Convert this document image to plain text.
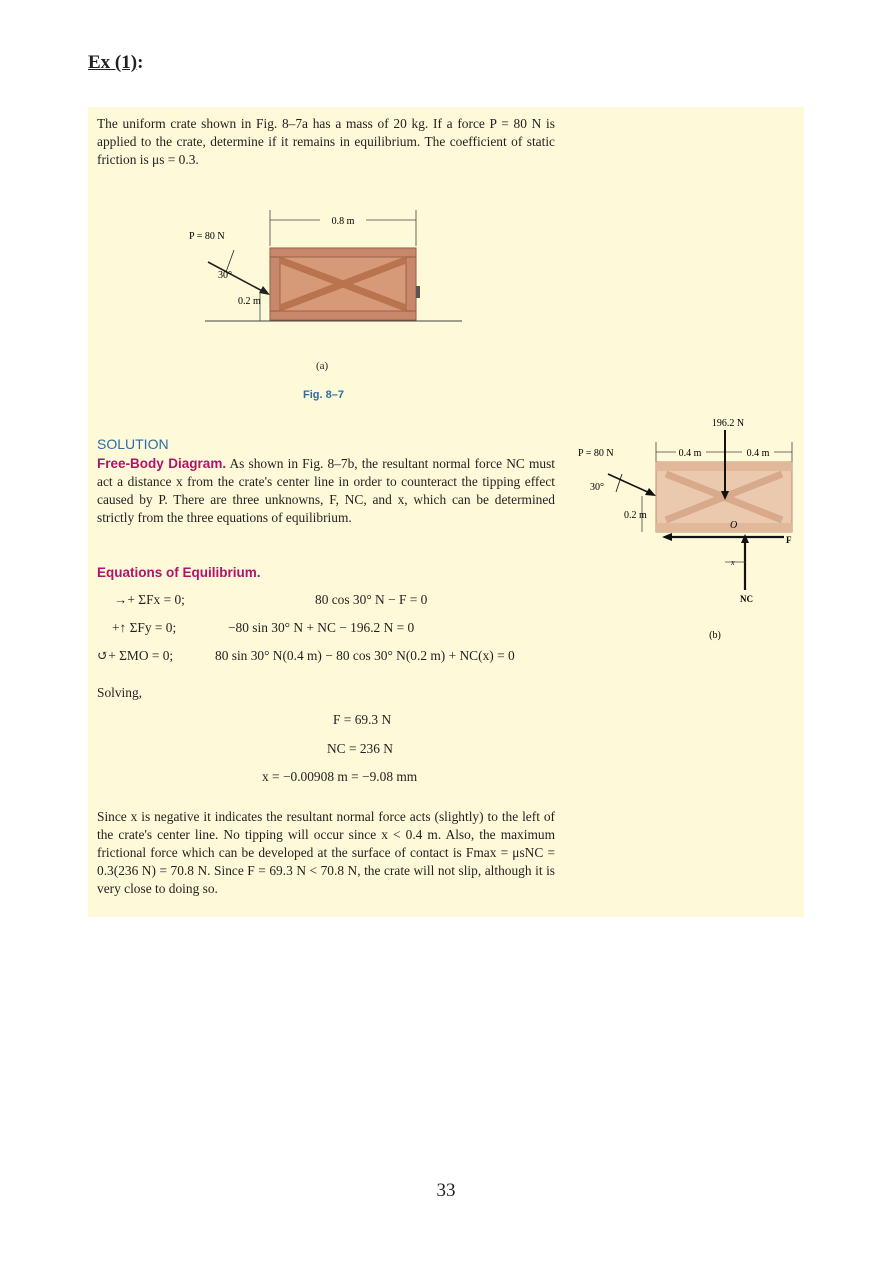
Ex (1):
The uniform crate shown in Fig. 8–7a has a mass of 20 kg. If a force P = 80 N is applied to the crate, determine if it remains in equilibrium. The coefficient of static friction is μs = 0.3.
0.8 m
P = 80 N
30°
0.2 m
(a)
Fig. 8–7
196.2 N
P = 80 N	0.4 m	0.4 m
30°
0.2 m
O
F
x
NC
(b)
SOLUTION
Free-Body Diagram. As shown in Fig. 8–7b, the resultant normal force NC must act a distance x from the crate's center line in order to counteract the tipping effect caused by P. There are three unknowns, F, NC, and x, which can be determined strictly from the three equations of equilibrium.
Equations of Equilibrium.
→+ ΣFx = 0;	80 cos 30° N − F = 0
+↑ ΣFy = 0;	−80 sin 30° N + NC − 196.2 N = 0
↺+ ΣMO = 0;	80 sin 30° N(0.4 m) − 80 cos 30° N(0.2 m) + NC(x) = 0
Solving,
F = 69.3 N
NC = 236 N
x = −0.00908 m = −9.08 mm
Since x is negative it indicates the resultant normal force acts (slightly) to the left of the crate's center line. No tipping will occur since x < 0.4 m. Also, the maximum frictional force which can be developed at the surface of contact is Fmax = μsNC = 0.3(236 N) = 70.8 N. Since F = 69.3 N < 70.8 N, the crate will not slip, although it is very close to doing so.
33
